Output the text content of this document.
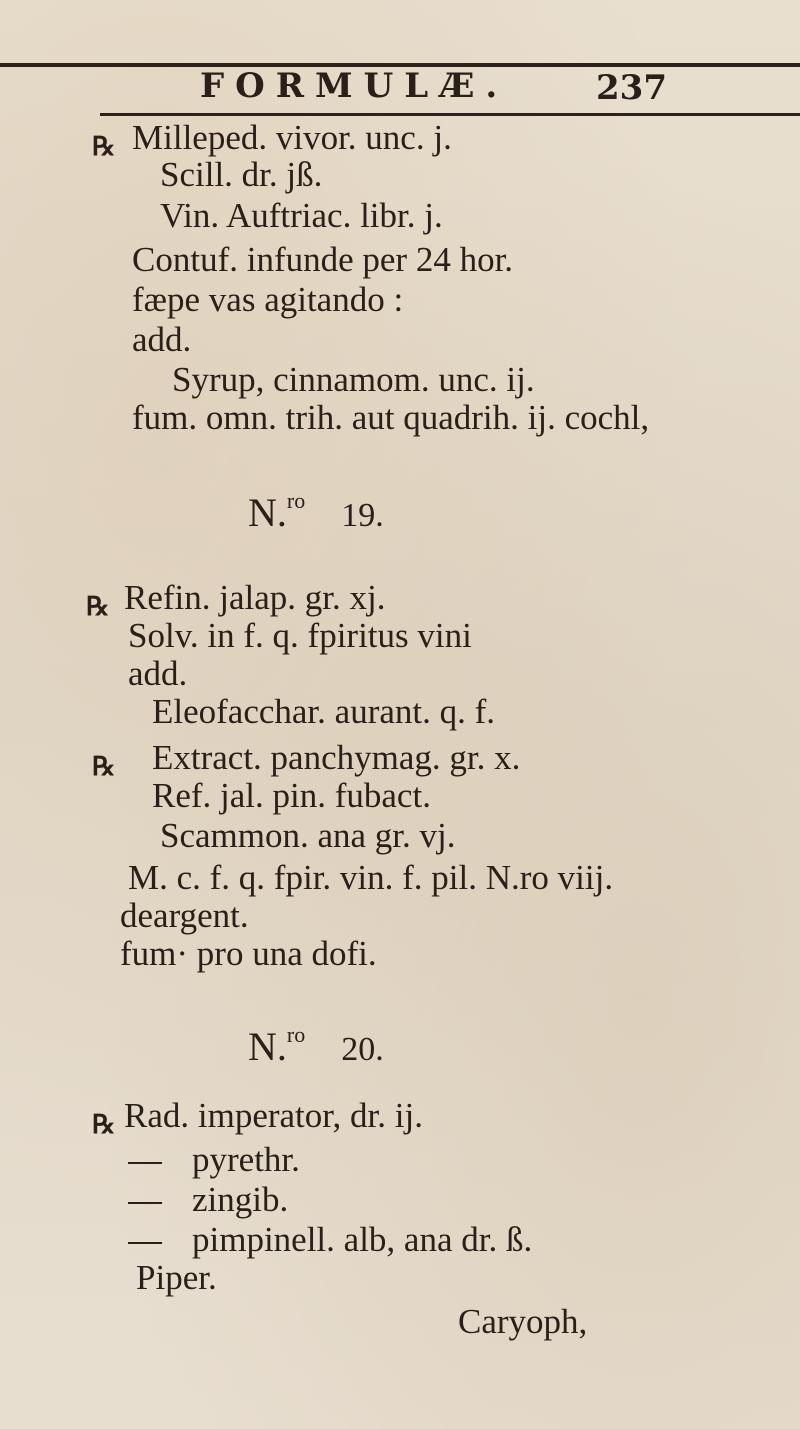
FORMULÆ.	237
℞ Milleped. vivor. unc. j.
Scill. dr. jß.
Vin. Auftriac. libr. j.
Contuf. infunde per 24 hor.
fæpe vas agitando :
add.
Syrup, cinnamom. unc. ij.
fum. omn. trih. aut quadrih. ij. cochl,
N.$^{ro}$ 19.
℞ Refin. jalap. gr. xj.
Solv. in f. q. fpiritus vini
add.
Eleofacchar. aurant. q. f.
℞ Extract. panchymag. gr. x.
Ref. jal. pin. fubact.
Scammon. ana gr. vj.
M. c. f. q. fpir. vin. f. pil. N.ro viij.
deargent.
fum· pro una dofi.
N.$^{ro}$ 20.
℞ Rad. imperator, dr. ij.
pyrethr.
zingib.
pimpinell. alb, ana dr. ß.
Piper.
Caryoph,
